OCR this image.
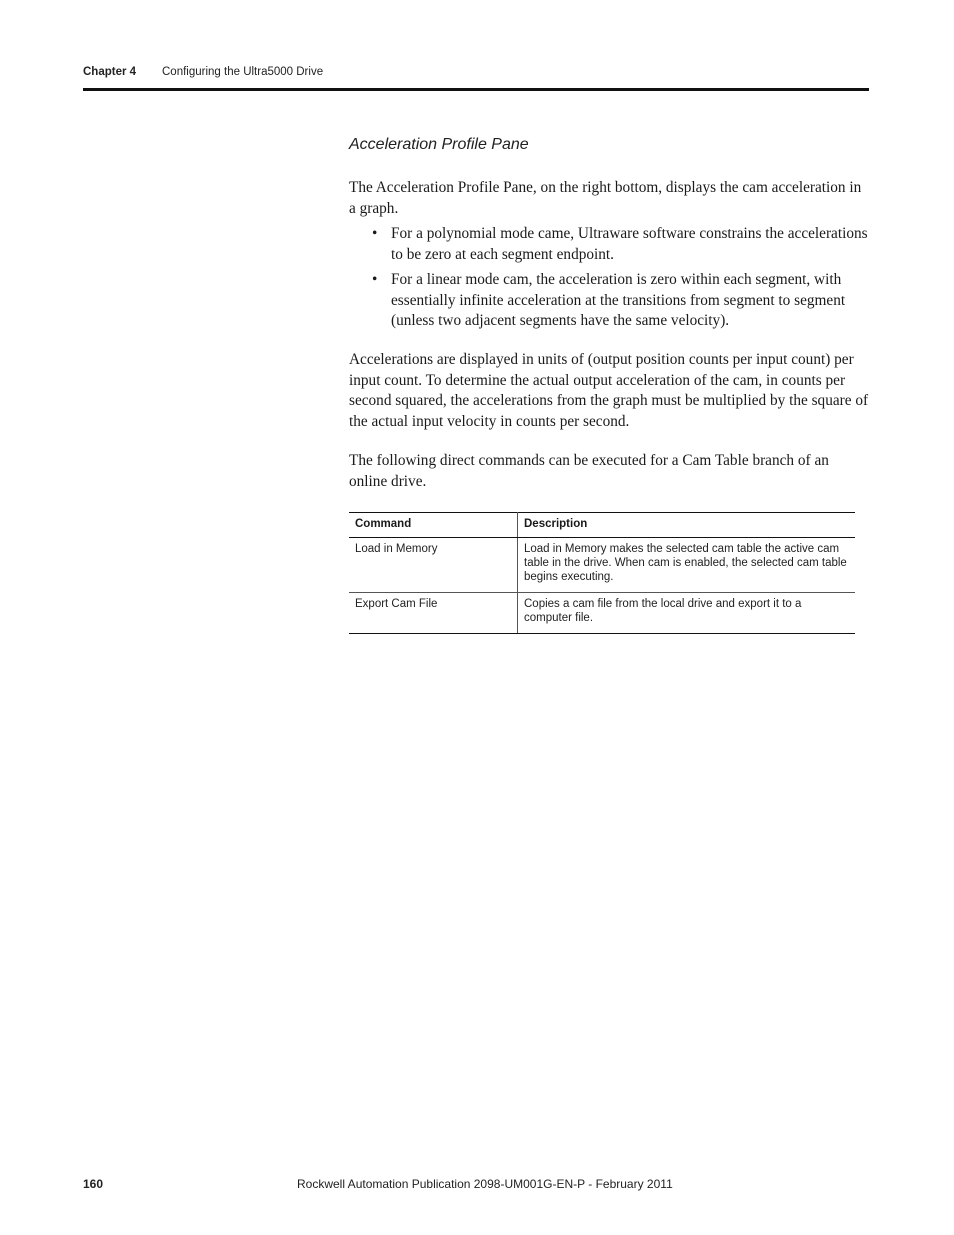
Chapter 4 Configuring the Ultra5000 Drive
Acceleration Profile Pane

The Acceleration Profile Pane, on the right bottom, displays the cam acceleration in a graph.

• For a polynomial mode came, Ultraware software constrains the accelerations to be zero at each segment endpoint.
• For a linear mode cam, the acceleration is zero within each segment, with essentially infinite acceleration at the transitions from segment to segment (unless two adjacent segments have the same velocity).

Accelerations are displayed in units of (output position counts per input count) per input count. To determine the actual output acceleration of the cam, in counts per second squared, the accelerations from the graph must be multiplied by the square of the actual input velocity in counts per second.

The following direct commands can be executed for a Cam Table branch of an online drive.

Command	Description
Load in Memory	Load in Memory makes the selected cam table the active cam table in the drive. When cam is enabled, the selected cam table begins executing.
Export Cam File	Copies a cam file from the local drive and export it to a computer file.
160	Rockwell Automation Publication 2098-UM001G-EN-P - February 2011
